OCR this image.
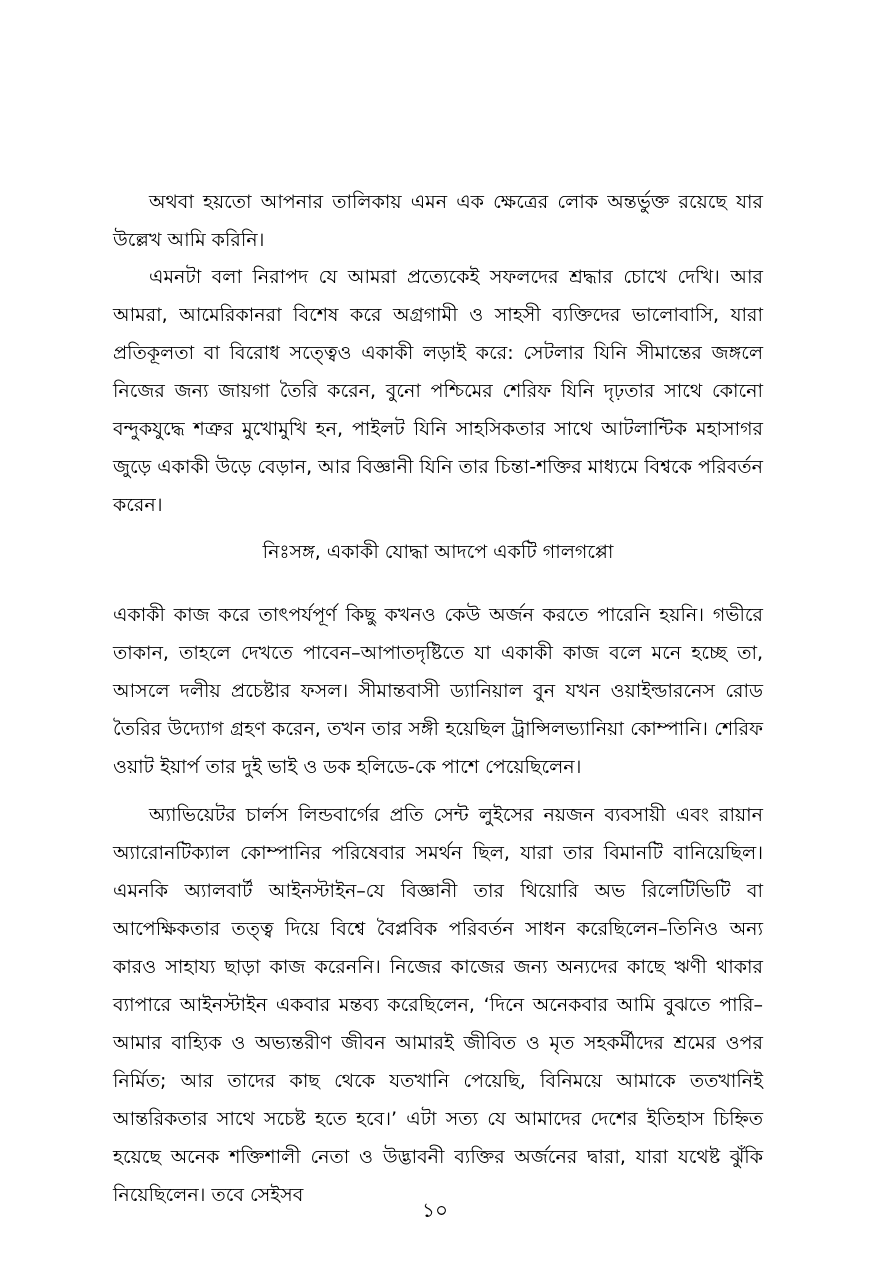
অথবা হয়তো আপনার তালিকায় এমন এক ক্ষেত্রের লোক অন্তর্ভুক্ত রয়েছে যার উল্লেখ আমি করিনি।

এমনটা বলা নিরাপদ যে আমরা প্রত্যেকেই সফলদের শ্রদ্ধার চোখে দেখি। আর আমরা, আমেরিকানরা বিশেষ করে অগ্রগামী ও সাহসী ব্যক্তিদের ভালোবাসি, যারা প্রতিকূলতা বা বিরোধ সত্ত্বেও একাকী লড়াই করে: সেটলার যিনি সীমান্তের জঙ্গলে নিজের জন্য জায়গা তৈরি করেন, বুনো পশ্চিমের শেরিফ যিনি দৃঢ়তার সাথে কোনো বন্দুকযুদ্ধে শত্রুর মুখোমুখি হন, পাইলট যিনি সাহসিকতার সাথে আটলান্টিক মহাসাগর জুড়ে একাকী উড়ে বেড়ান, আর বিজ্ঞানী যিনি তার চিন্তা-শক্তির মাধ্যমে বিশ্বকে পরিবর্তন করেন।

নিঃসঙ্গ, একাকী যোদ্ধা আদপে একটি গালগপ্পো

একাকী কাজ করে তাৎপর্যপূর্ণ কিছু কখনও কেউ অর্জন করতে পারেনি হয়নি। গভীরে তাকান, তাহলে দেখতে পাবেন–আপাতদৃষ্টিতে যা একাকী কাজ বলে মনে হচ্ছে তা, আসলে দলীয় প্রচেষ্টার ফসল। সীমান্তবাসী ড্যানিয়াল বুন যখন ওয়াইল্ডারনেস রোড তৈরির উদ্যোগ গ্রহণ করেন, তখন তার সঙ্গী হয়েছিল ট্রান্সিলভ্যানিয়া কোম্পানি। শেরিফ ওয়াট ইয়ার্প তার দুই ভাই ও ডক হলিডে-কে পাশে পেয়েছিলেন।

অ্যাভিয়েটর চার্লস লিন্ডবার্গের প্রতি সেন্ট লুইসের নয়জন ব্যবসায়ী এবং রায়ান অ্যারোনটিক্যাল কোম্পানির পরিষেবার সমর্থন ছিল, যারা তার বিমানটি বানিয়েছিল। এমনকি অ্যালবার্ট আইনস্টাইন–যে বিজ্ঞানী তার থিয়োরি অভ রিলেটিভিটি বা আপেক্ষিকতার তত্ত্ব দিয়ে বিশ্বে বৈপ্লবিক পরিবর্তন সাধন করেছিলেন–তিনিও অন্য কারও সাহায্য ছাড়া কাজ করেননি। নিজের কাজের জন্য অন্যদের কাছে ঋণী থাকার ব্যাপারে আইনস্টাইন একবার মন্তব্য করেছিলেন, ‘দিনে অনেকবার আমি বুঝতে পারি–আমার বাহ্যিক ও অভ্যন্তরীণ জীবন আমারই জীবিত ও মৃত সহকর্মীদের শ্রমের ওপর নির্মিত; আর তাদের কাছ থেকে যতখানি পেয়েছি, বিনিময়ে আমাকে ততখানিই আন্তরিকতার সাথে সচেষ্ট হতে হবে।’ এটা সত্য যে আমাদের দেশের ইতিহাস চিহ্নিত হয়েছে অনেক শক্তিশালী নেতা ও উদ্ভাবনী ব্যক্তির অর্জনের দ্বারা, যারা যথেষ্ট ঝুঁকি নিয়েছিলেন। তবে সেইসব

১০
